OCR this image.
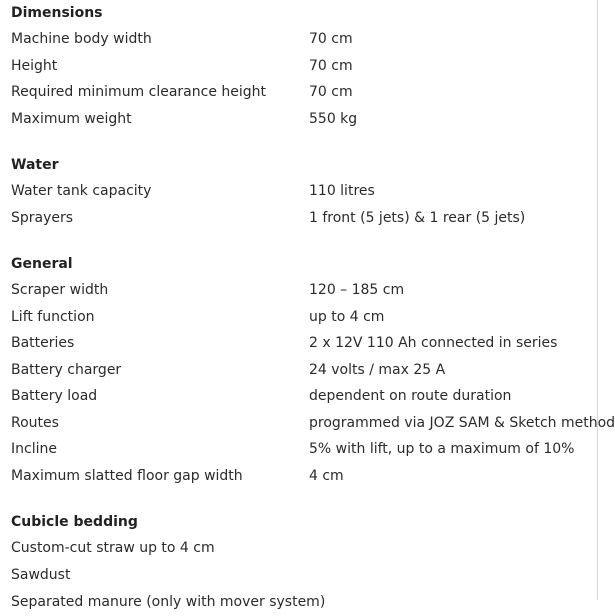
Dimensions
Machine body width	70 cm
Height	70 cm
Required minimum clearance height	70 cm
Maximum weight	550 kg
Water
Water tank capacity	110 litres
Sprayers	1 front (5 jets) & 1 rear (5 jets)
General
Scraper width	120 – 185 cm
Lift function	up to 4 cm
Batteries	2 x 12V 110 Ah connected in series
Battery charger	24 volts / max 25 A
Battery load	dependent on route duration
Routes	programmed via JOZ SAM & Sketch method
Incline	5% with lift, up to a maximum of 10%
Maximum slatted floor gap width	4 cm
Cubicle bedding
Custom-cut straw up to 4 cm
Sawdust
Separated manure (only with mover system)
